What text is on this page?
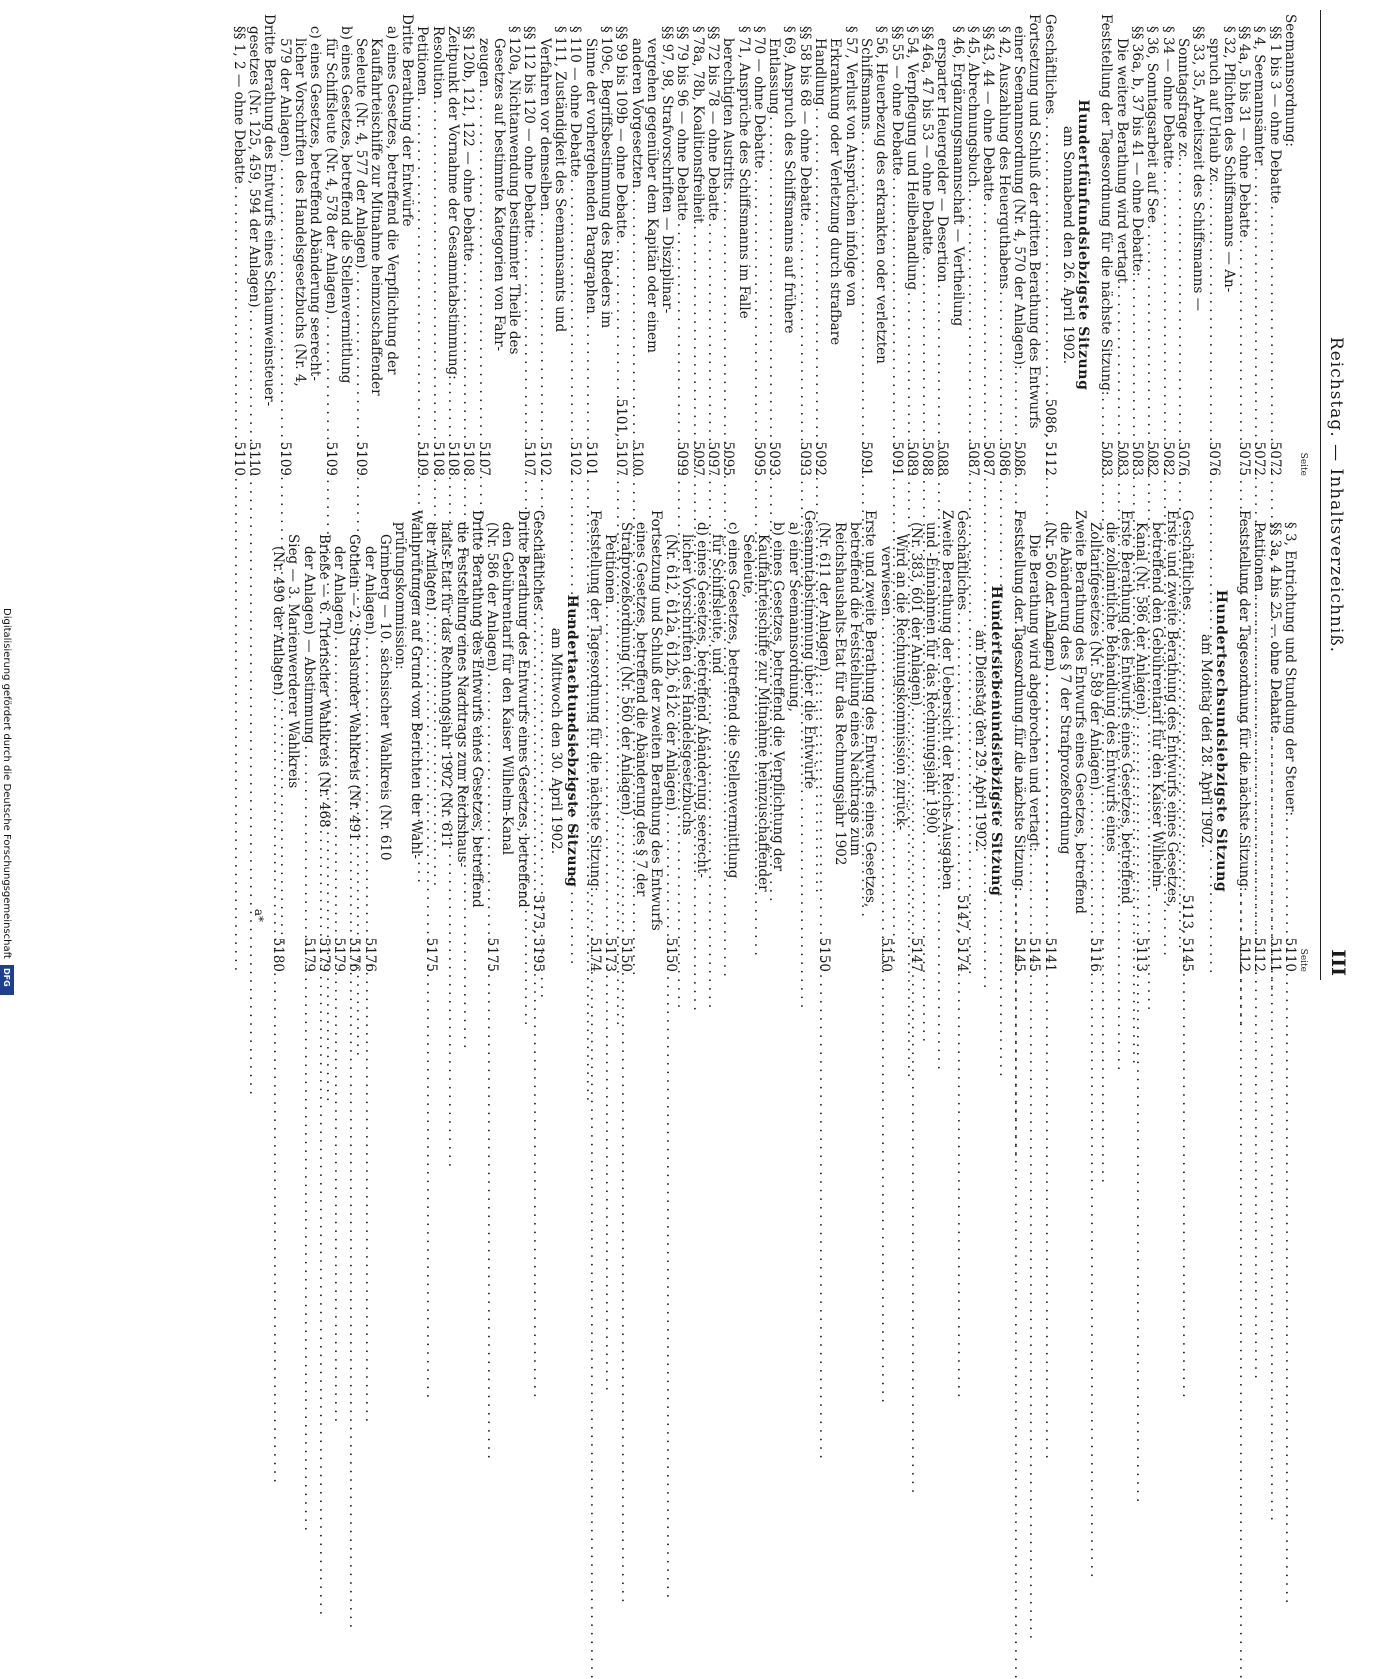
Reichstag. — Inhaltsverzeichniß.
III
Seite
Seemannsordnung:
§§ 1 bis 3 — ohne Debatte
. . .
5072
§ 4, Seemannsämter
. . .
5072
§§ 4a, 5 bis 31 — ohne Debatte
. . .
5075
§ 32, Pflichten des Schiffsmanns — An-
spruch auf Urlaub zc.
. . .
5076
§§ 33, 35, Arbeitszeit des Schiffsmanns —
Sonntagsfrage zc.
. . .
5076
§ 34 — ohne Debatte
. . .
5082
§ 36, Sonntagsarbeit auf See
. . .
5082
§§ 36a, b, 37 bis 41 — ohne Debatte:
. . .
5083
Die weitere Berathung wird vertagt
. . .
5083
Feststellung der Tagesordnung für die nächste Sitzung:
. . .
5083
Hundertfünfundsiebzigste Sitzung
am Sonnabend den 26. April 1902.
Geschäftliches
. . .
5086, 5112
Fortsetzung und Schluß der dritten Berathung des Entwurfs
einer Seemannsordnung (Nr. 4, 570 der Anlagen):
. . .
5086
§ 42, Auszahlung des Heuerguthabens
. . .
5086
§§ 43, 44 — ohne Debatte
. . .
5087
§ 45, Abrechnungsbuch
. . .
5087
§ 46, Ergänzungsmannschaft — Vertheilung
ersparter Heuergelder — Desertion
. . .
5088
§§ 46a, 47 bis 53 — ohne Debatte
. . .
5088
§ 54, Verpflegung und Heilbehandlung
. . .
5089
§§ 55 — ohne Debatte
. . .
5091
§ 56, Heuerbezug des erkrankten oder verletzten
Schiffsmanns
. . .
5091
§ 57, Verlust von Ansprüchen infolge von
Erkrankung oder Verletzung durch strafbare
Handlung
. . .
5092
§§ 58 bis 68 — ohne Debatte
. . .
5093
§ 69, Anspruch des Schiffsmanns auf frühere
Entlassung
. . .
5093
§ 70 — ohne Debatte
. . .
5095
§ 71, Ansprüche des Schiffsmanns im Falle
berechtigten Austritts
. . .
5095
§§ 72 bis 78 — ohne Debatte
. . .
5097
§ 78a, 78b, Koalitionsfreiheit
. . .
5097
§§ 79 bis 96 — ohne Debatte
. . .
5099
§§ 97, 98, Strafvorschriften — Disziplinar-
vergehen gegenüber dem Kapitän oder einem
anderen Vorgesetzten
. . .
5100
§§ 99 bis 109b — ohne Debatte
. . .
5101, 5107
§ 109c, Begriffsbestimmung des Rheders im
Sinne der vorhergehenden Paragraphen
. . .
5101
§ 110 — ohne Debatte
. . .
5102
§ 111, Zuständigkeit des Seemannsamts und
Verfahren vor demselben
. . .
5102
§§ 112 bis 120 — ohne Debatte
. . .
5107
§ 120a, Nichtanwendung bestimmter Theile des
Gesetzes auf bestimmte Kategorien von Fahr-
zeugen
. . .
5107
§§ 120b, 121, 122 — ohne Debatte
. . .
5108
Zeitpunkt der Vornahme der Gesammtabstimmung:
. . .
5108
Resolution
. . .
5108
Petitionen
. . .
5109
Dritte Berathung der Entwürfe
a) eines Gesetzes, betreffend die Verpflichtung der
Kauffahrteischiffe zur Mitnahme heimzuschaffender
Seeleute (Nr. 4, 577 der Anlagen)
. . .
5109
b) eines Gesetzes, betreffend die Stellenvermittlung
für Schiffsleute (Nr. 4, 578 der Anlagen)
. . .
5109
c) eines Gesetzes, betreffend Abänderung seerecht-
licher Vorschriften des Handelsgesetzbuchs (Nr. 4,
579 der Anlagen)
. . .
5109
Dritte Berathung des Entwurfs eines Schaumweinsteuer-
gesetzes (Nr. 125, 459, 594 der Anlagen)
. . .
5110
§§ 1, 2 — ohne Debatte
. . .
5110
Seite
§ 3, Entrichtung und Stundung der Steuer:
. . .
5110
§§ 3a, 4 bis 25 — ohne Debatte
. . .
5111
Petitionen
. . .
5112
Feststellung der Tagesordnung für die nächste Sitzung:
. . .
5112
Hundertsechsundsiebzigste Sitzung
am Montag den 28. April 1902.
Geschäftliches
. . .
5113, 5145
Erste und zweite Berathung des Entwurfs eines Gesetzes,
betreffend den Gebührentarif für den Kaiser Wilhelm-
Kanal (Nr. 586 der Anlagen)
. . .
5113
Erste Berathung des Entwurfs eines Gesetzes, betreffend
die zollamtliche Behandlung des Entwurfs eines
Zolltarifgesetzes (Nr. 589 der Anlagen)
. . .
5116
Zweite Berathung des Entwurfs eines Gesetzes, betreffend
die Abänderung des § 7 der Strafprozeßordnung
(Nr. 560 der Anlagen)
. . .
5141
Die Berathung wird abgebrochen und vertagt:
. . .
5145
Feststellung der Tagesordnung für die nächste Sitzung:
. . .
5145
Hundertsiebenundsiebzigste Sitzung
am Dienstag den 29. April 1902.
Geschäftliches
. . .
5147, 5174
Zweite Berathung der Uebersicht der Reichs-Ausgaben
und -Einnahmen für das Rechnungsjahr 1900
(Nr. 383, 601 der Anlagen)
. . .
5147
Wird an die Rechnungskommission zurück-
verwiesen
. . .
5150
Erste und zweite Berathung des Entwurfs eines Gesetzes,
betreffend die Feststellung eines Nachtrags zum
Reichshaushalts-Etat für das Rechnungsjahr 1902
(Nr. 611 der Anlagen)
. . .
5150
Gesammtabstimmung über die Entwürfe
a) einer Seemannsordnung,
b) eines Gesetzes, betreffend die Verpflichtung der
Kauffahrteischiffe zur Mitnahme heimzuschaffender
Seeleute,
c) eines Gesetzes, betreffend die Stellenvermittlung
für Schiffsleute, und
d) eines Gesetzes, betreffend Abänderung seerecht-
licher Vorschriften des Handelsgesetzbuchs
(Nr. 612, 612a, 612b, 612c der Anlagen)
. . .
5150
Fortsetzung und Schluß der zweiten Berathung des Entwurfs
eines Gesetzes, betreffend die Abänderung des § 7 der
Strafprozeßordnung (Nr. 560 der Anlagen)
. . .
5150
Petitionen
. . .
5173
Feststellung der Tagesordnung für die nächste Sitzung:
. . .
5174
Hundertachtundsiebzigste Sitzung
am Mittwoch den 30. April 1902.
Geschäftliches
. . .
5175, 5195
Dritte Berathung des Entwurfs eines Gesetzes, betreffend
den Gebührentarif für den Kaiser Wilhelm-Kanal
(Nr. 586 der Anlagen)
. . .
5175
Dritte Berathung des Entwurfs eines Gesetzes, betreffend
die Feststellung eines Nachtrags zum Reichshaus-
halts-Etat für das Rechnungsjahr 1902 (Nr. 611
der Anlagen)
. . .
5175
Wahlprüfungen auf Grund von Berichten der Wahl-
prüfungskommission:
Grimberg — 10. sächsischer Wahlkreis (Nr. 610
der Anlagen)
. . .
5176
Gothein — 2. Stralsunder Wahlkreis (Nr. 491
. . .
5176
der Anlagen)
. . .
5179
Brieße — 6. Trierischer Wahlkreis (Nr. 468
. . .
5179
der Anlagen) — Abstimmung
. . .
5179
Sieg — 3. Marienwerderer Wahlkreis
(Nr. 490 der Anlagen)
. . .
5180
a*
Digitalisierung gefördert durch die Deutsche Forschungsgemeinschaft
DFG
